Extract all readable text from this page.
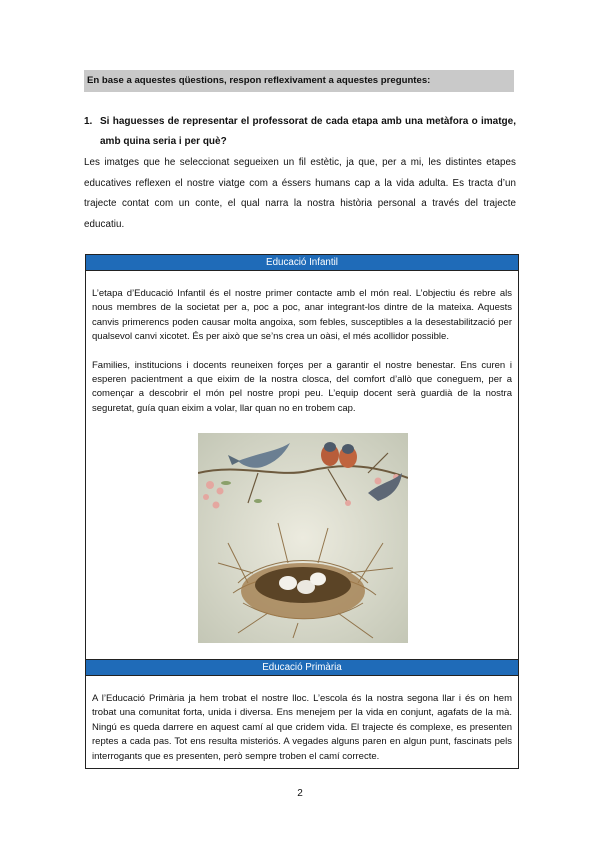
En base a aquestes qüestions, respon reflexivament a aquestes preguntes:
1. Si haguesses de representar el professorat de cada etapa amb una metàfora o imatge, amb quina seria i per què?
Les imatges que he seleccionat segueixen un fil estètic, ja que, per a mi, les distintes etapes educatives reflexen el nostre viatge com a éssers humans cap a la vida adulta. Es tracta d’un trajecte contat com un conte, el qual narra la nostra història personal a través del trajecte educatiu.
Educació Infantil

L’etapa d’Educació Infantil és el nostre primer contacte amb el món real. L’objectiu és rebre als nous membres de la societat per a, poc a poc, anar integrant-los dintre de la mateixa. Aquests canvis primerencs poden causar molta angoixa, som febles, susceptibles a la desestabilització per qualsevol canvi xicotet. És per això que se’ns crea un oàsi, el més acollidor possible.

Families, institucions i docents reuneixen forçes per a garantir el nostre benestar. Ens curen i esperen pacientment a que eixim de la nostra closca, del comfort d’allò que coneguem, per a començar a descobrir el món pel nostre propi peu. L’equip docent serà guardià de la nostra seguretat, guía quan eixim a volar, llar quan no en trobem cap.

Educació Primària

A l’Educació Primària ja hem trobat el nostre lloc. L’escola és la nostra segona llar i és on hem trobat una comunitat forta, unida i diversa. Ens menejem per la vida en conjunt, agafats de la mà. Ningú es queda darrere en aquest camí al que cridem vida. El trajecte és complexe, es presenten reptes a cada pas. Tot ens resulta misteriós. A vegades alguns paren en algun punt, fascinats pels interrogants que es presenten, però sempre troben el camí correcte.

2
